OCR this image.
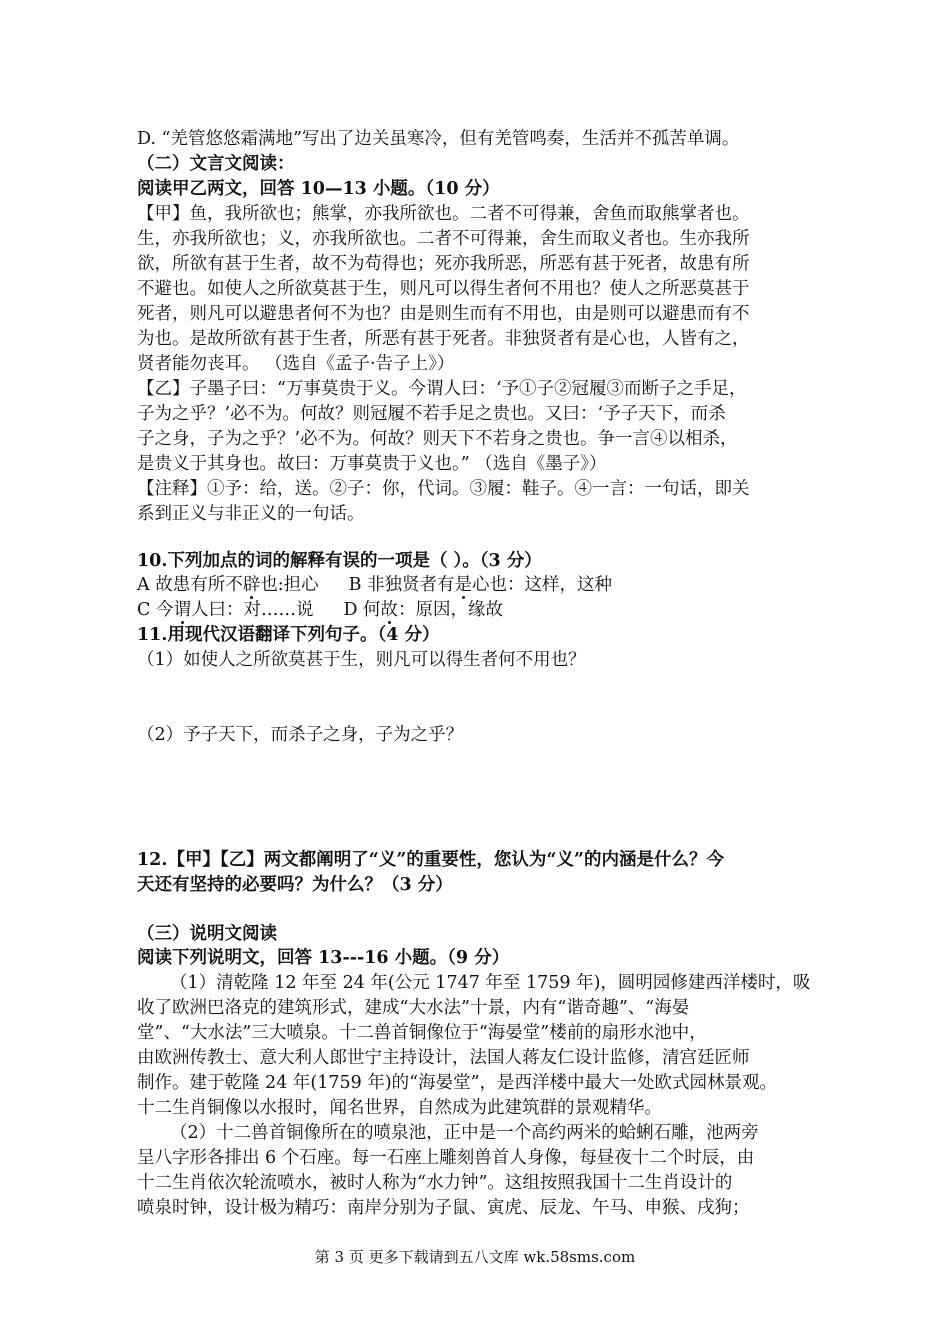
D. “羌管悠悠霜满地”写出了边关虽寒冷，但有羌管鸣奏，生活并不孤苦单调。
（二）文言文阅读：
阅读甲乙两文，回答 10—13 小题。（10 分）
【甲】鱼，我所欲也；熊掌，亦我所欲也。二者不可得兼，舍鱼而取熊掌者也。
生，亦我所欲也；义，亦我所欲也。二者不可得兼，舍生而取义者也。生亦我所
欲，所欲有甚于生者，故不为苟得也；死亦我所恶，所恶有甚于死者，故患有所
不避也。如使人之所欲莫甚于生，则凡可以得生者何不用也？使人之所恶莫甚于
死者，则凡可以避患者何不为也？由是则生而有不用也，由是则可以避患而有不
为也。是故所欲有甚于生者，所恶有甚于死者。非独贤者有是心也，人皆有之，
贤者能勿丧耳。 （选自《孟子·告子上》）
【乙】子墨子曰：“万事莫贵于义。今谓人曰：‘予①子②冠履③而断子之手足，
子为之乎？’必不为。何故？则冠履不若手足之贵也。又曰：‘予子天下，而杀
子之身，子为之乎？’必不为。何故？则天下不若身之贵也。争一言④以相杀，
是贵义于其身也。故曰：万事莫贵于义也。” （选自《墨子》）
【注释】①予：给，送。②子：你，代词。③履：鞋子。④一言：一句话，即关
系到正义与非正义的一句话。
10.下列加点的词的解释有误的一项是（ ）。（3 分）
A 故患有所不辟也:担心 B 非独贤者有是心也：这样，这种
C 今谓人曰：对……说 D 何故：原因，缘故
11.用现代汉语翻译下列句子。（4 分）
（1）如使人之所欲莫甚于生，则凡可以得生者何不用也？
（2）予子天下，而杀子之身，子为之乎？
12.【甲】【乙】两文都阐明了“义”的重要性，您认为“义”的内涵是什么？今
天还有坚持的必要吗？为什么？（3 分）
（三）说明文阅读
阅读下列说明文，回答 13---16 小题。（9 分）
（1）清乾隆 12 年至 24 年(公元 1747 年至 1759 年)，圆明园修建西洋楼时，吸
收了欧洲巴洛克的建筑形式，建成“大水法”十景，内有“谐奇趣”、“海晏
堂”、“大水法”三大喷泉。十二兽首铜像位于“海晏堂”楼前的扇形水池中，
由欧洲传教士、意大利人郎世宁主持设计，法国人蒋友仁设计监修，清宫廷匠师
制作。建于乾隆 24 年(1759 年)的“海晏堂”，是西洋楼中最大一处欧式园林景观。
十二生肖铜像以水报时，闻名世界，自然成为此建筑群的景观精华。
（2）十二兽首铜像所在的喷泉池，正中是一个高约两米的蛤蜊石雕，池两旁
呈八字形各排出 6 个石座。每一石座上雕刻兽首人身像，每昼夜十二个时辰，由
十二生肖依次轮流喷水，被时人称为“水力钟”。这组按照我国十二生肖设计的
喷泉时钟，设计极为精巧：南岸分别为子鼠、寅虎、辰龙、午马、申猴、戌狗；
第 3 页 更多下载请到五八文库 wk.58sms.com
